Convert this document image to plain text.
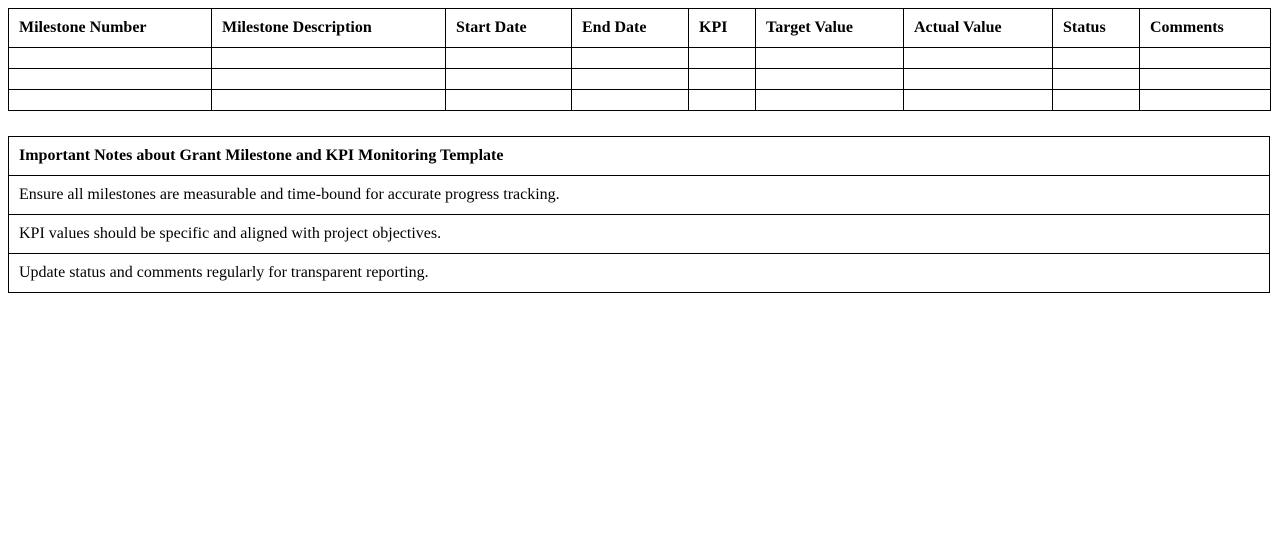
Milestone Number	Milestone Description	Start Date	End Date	KPI	Target Value	Actual Value	Status	Comments

Important Notes about Grant Milestone and KPI Monitoring Template
Ensure all milestones are measurable and time-bound for accurate progress tracking.
KPI values should be specific and aligned with project objectives.
Update status and comments regularly for transparent reporting.
